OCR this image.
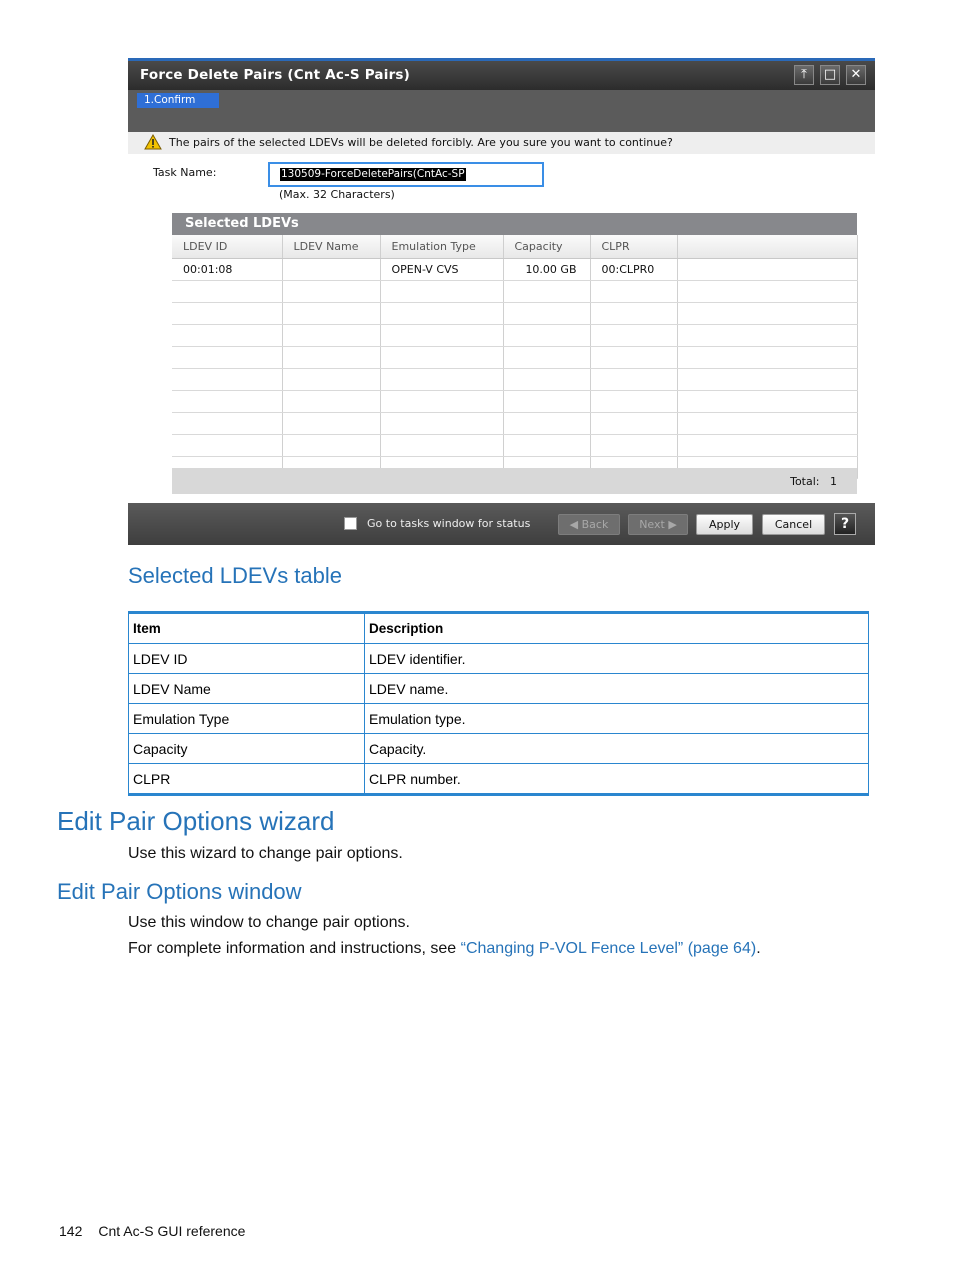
Force Delete Pairs (Cnt Ac-S Pairs)	⤒	□	✕
1.Confirm
The pairs of the selected LDEVs will be deleted forcibly. Are you sure you want to continue?
Task Name:	130509-ForceDeletePairs(CntAc-SP
(Max. 32 Characters)
Selected LDEVs
LDEV ID	LDEV Name	Emulation Type	Capacity	CLPR	
00:01:08		OPEN-V CVS	10.00 GB	00:CLPR0	

Total: 1
Go to tasks window for status	◀ Back	Next ▶	Apply	Cancel	?
Selected LDEVs table
Item	Description
LDEV ID	LDEV identifier.
LDEV Name	LDEV name.
Emulation Type	Emulation type.
Capacity	Capacity.
CLPR	CLPR number.
Edit Pair Options wizard
Use this wizard to change pair options.
Edit Pair Options window
Use this window to change pair options.
For complete information and instructions, see “Changing P-VOL Fence Level” (page 64).
142 Cnt Ac-S GUI reference
